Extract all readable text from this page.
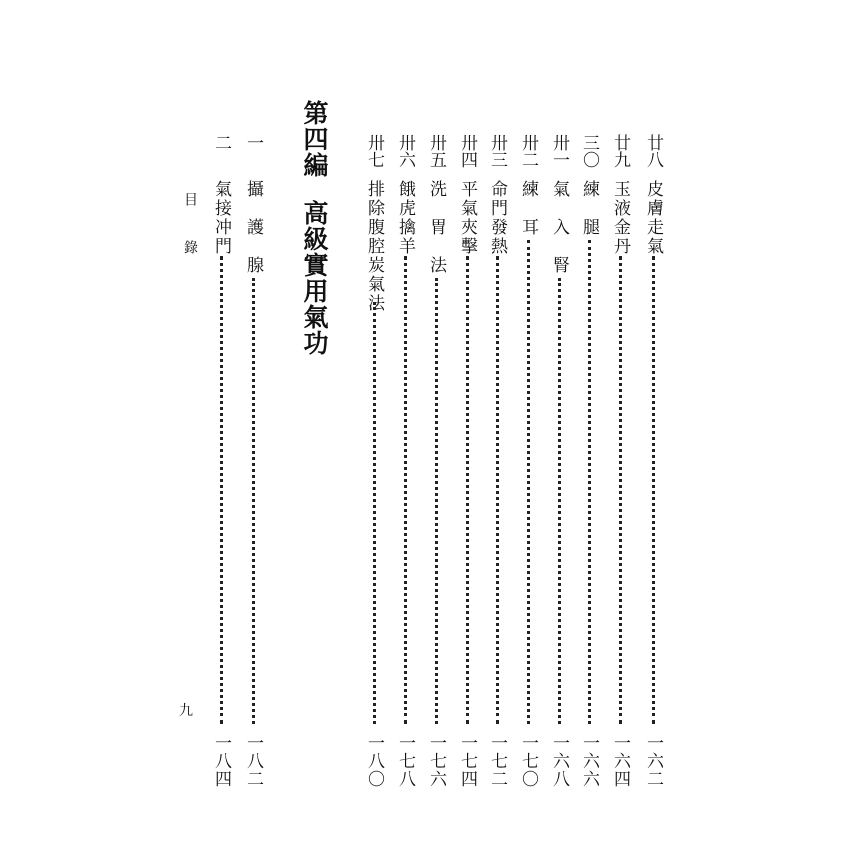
廿八
皮膚走氣
一六二
廿九
玉液金丹
一六四
三〇
練　腿
一六六
卅一
氣　入　腎
一六八
卅二
練　耳
一七〇
卅三
命門發熱
一七二
卅四
平氣夾擊
一七四
卅五
洗　胃　法
一七六
卅六
餓虎擒羊
一七八
卅七
排除腹腔炭氣法
一八〇
第四編高級實用氣功
一
攝　護　腺
一八二
二
氣接冲門
一八四
目錄
九
